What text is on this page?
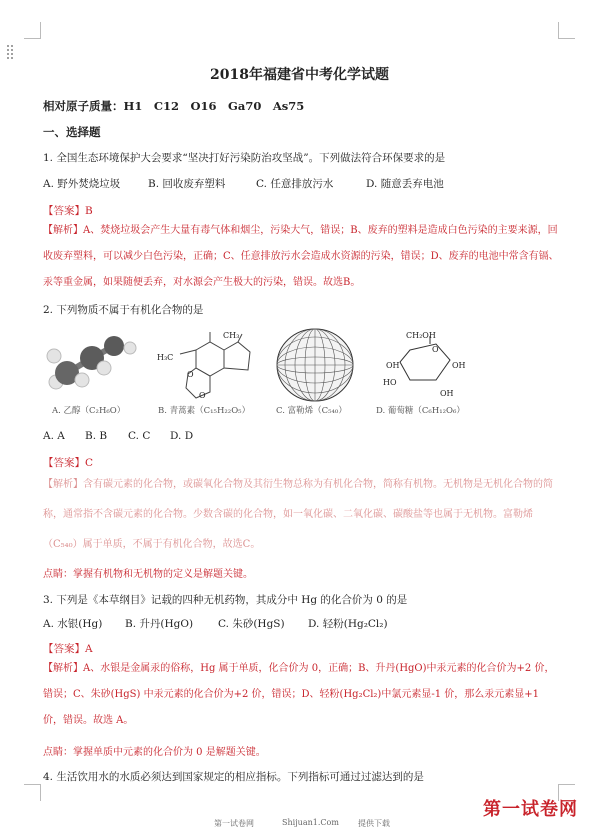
2018年福建省中考化学试题
相对原子质量：H1　C12　O16　Ga70　As75
一、选择题
1. 全国生态环境保护大会要求“坚决打好污染防治攻坚战”。下列做法符合环保要求的是
A. 野外焚烧垃圾	B. 回收废弃塑料	C. 任意排放污水	D. 随意丢弃电池
【答案】B
【解析】A、焚烧垃圾会产生大量有毒气体和烟尘，污染大气，错误；B、废弃的塑料是造成白色污染的主要来源，回收废弃塑料，可以减少白色污染，正确；C、任意排放污水会造成水资源的污染，错误；D、废弃的电池中常含有镉、汞等重金属，如果随便丢弃，对水源会产生极大的污染，错误。故选B。
2. 下列物质不属于有机化合物的是
A. 乙醇（C₂H₆O）
CH₃
H₃C
O
O
B. 青蒿素（C₁₅H₂₂O₅）	C. 富勒烯（C₅₄₀）
CH₂OH
O
OH
OH
HO
OH
D. 葡萄糖（C₆H₁₂O₆）
A. A B. B C. C D. D
【答案】C
【解析】含有碳元素的化合物，或碳氧化合物及其衍生物总称为有机化合物，简称有机物。无机物是无机化合物的简称，通常指不含碳元素的化合物。少数含碳的化合物，如一氧化碳、二氧化碳、碳酸盐等也属于无机物。富勒烯（C₅₄₀）属于单质，不属于有机化合物，故选C。
点睛：掌握有机物和无机物的定义是解题关键。
3. 下列是《本草纲目》记载的四种无机药物，其成分中 Hg 的化合价为 0 的是
A. 水银(Hg) B. 升丹(HgO) C. 朱砂(HgS) D. 轻粉(Hg₂Cl₂)
【答案】A
【解析】A、水银是金属汞的俗称，Hg 属于单质，化合价为 0，正确；B、升丹(HgO)中汞元素的化合价为+2 价，错误；C、朱砂(HgS) 中汞元素的化合价为+2 价，错误；D、轻粉(Hg₂Cl₂)中氯元素显-1 价，那么汞元素显+1 价，错误。故选 A。
点睛：掌握单质中元素的化合价为 0 是解题关键。
4. 生活饮用水的水质必须达到国家规定的相应指标。下列指标可通过过滤达到的是
第一试卷网	Shijuan1.Com 提供下载
第一试卷网
